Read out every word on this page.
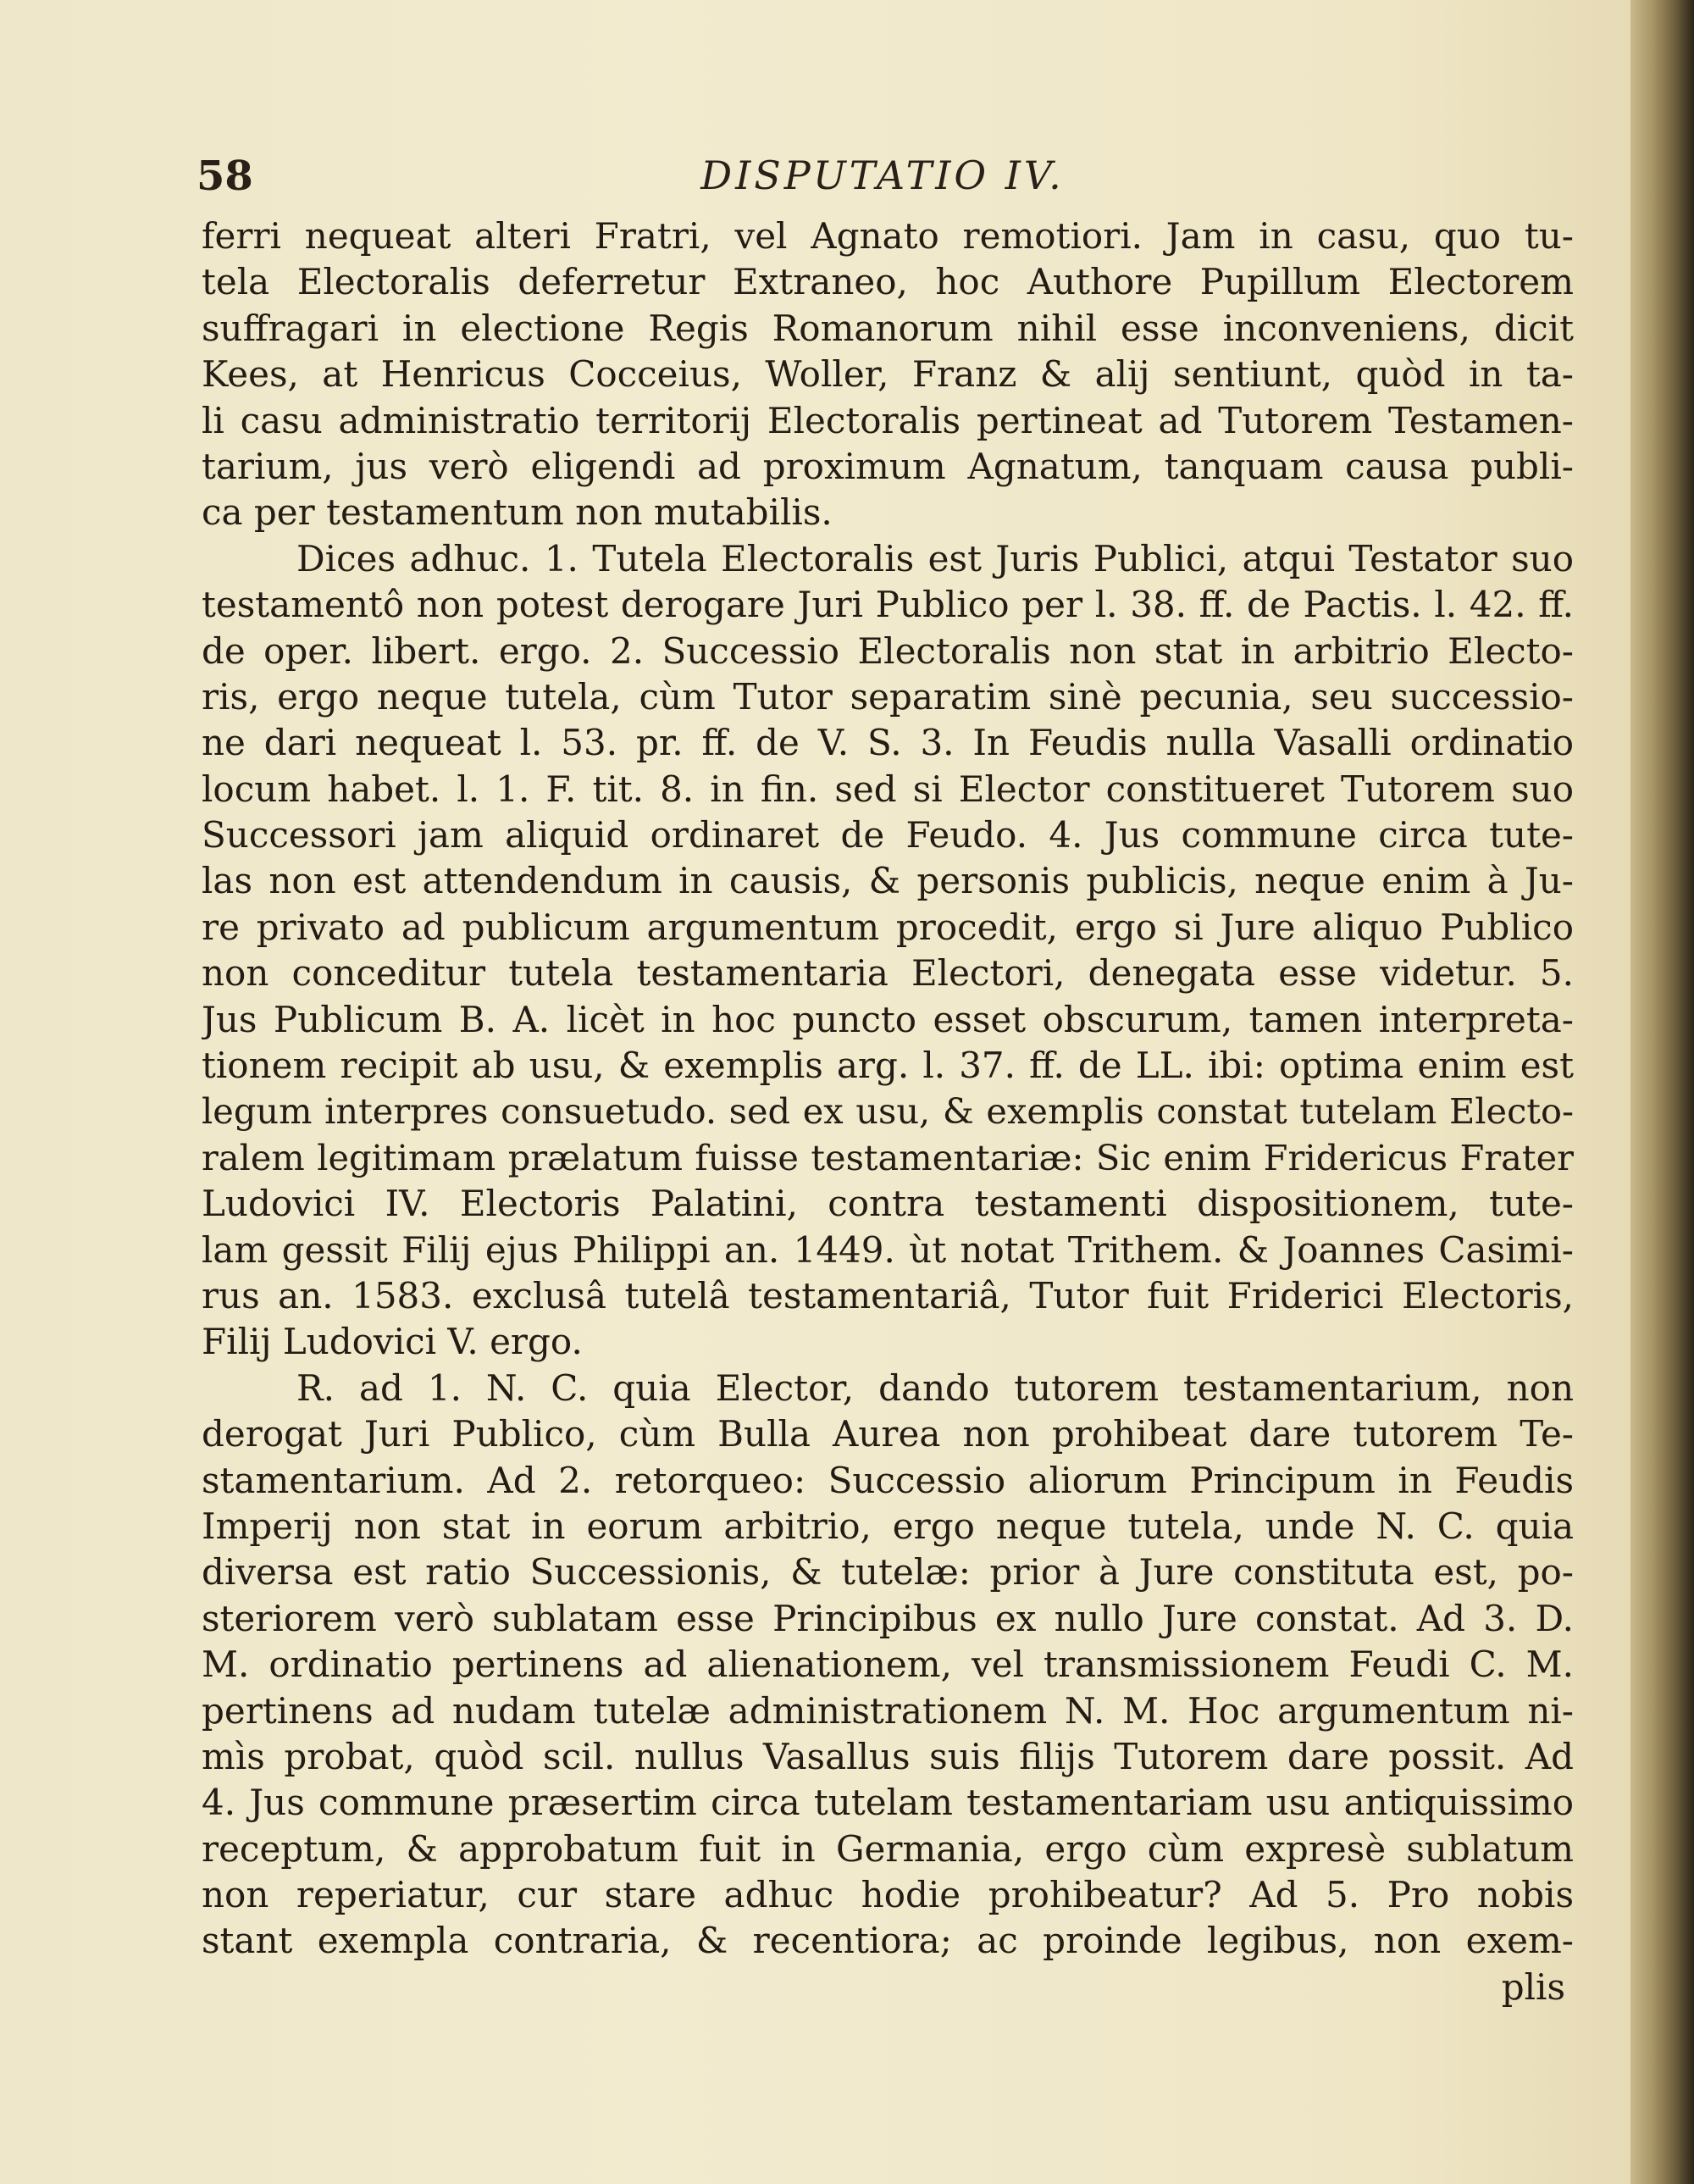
58	DISPUTATIO IV.
ferri nequeat alteri Fratri, vel Agnato remotiori. Jam in casu, quo tu-
tela Electoralis deferretur Extraneo, hoc Authore Pupillum Electorem
suffragari in electione Regis Romanorum nihil esse inconveniens, dicit
Kees, at Henricus Cocceius, Woller, Franz & alij sentiunt, quòd in ta-
li casu administratio territorij Electoralis pertineat ad Tutorem Testamen-
tarium, jus verò eligendi ad proximum Agnatum, tanquam causa publi-
ca per testamentum non mutabilis.
Dices adhuc. 1. Tutela Electoralis est Juris Publici, atqui Testator suo
testamentô non potest derogare Juri Publico per l. 38. ff. de Pactis. l. 42. ff.
de oper. libert. ergo. 2. Successio Electoralis non stat in arbitrio Electo-
ris, ergo neque tutela, cùm Tutor separatim sinè pecunia, seu successio-
ne dari nequeat l. 53. pr. ff. de V. S. 3. In Feudis nulla Vasalli ordinatio
locum habet. l. 1. F. tit. 8. in fin. sed si Elector constitueret Tutorem suo
Successori jam aliquid ordinaret de Feudo. 4. Jus commune circa tute-
las non est attendendum in causis, & personis publicis, neque enim à Ju-
re privato ad publicum argumentum procedit, ergo si Jure aliquo Publico
non conceditur tutela testamentaria Electori, denegata esse videtur. 5.
Jus Publicum B. A. licèt in hoc puncto esset obscurum, tamen interpreta-
tionem recipit ab usu, & exemplis arg. l. 37. ff. de LL. ibi: optima enim est
legum interpres consuetudo. sed ex usu, & exemplis constat tutelam Electo-
ralem legitimam prælatum fuisse testamentariæ: Sic enim Fridericus Frater
Ludovici IV. Electoris Palatini, contra testamenti dispositionem, tute-
lam gessit Filij ejus Philippi an. 1449. ùt notat Trithem. & Joannes Casimi-
rus an. 1583. exclusâ tutelâ testamentariâ, Tutor fuit Friderici Electoris,
Filij Ludovici V. ergo.
R. ad 1. N. C. quia Elector, dando tutorem testamentarium, non
derogat Juri Publico, cùm Bulla Aurea non prohibeat dare tutorem Te-
stamentarium. Ad 2. retorqueo: Successio aliorum Principum in Feudis
Imperij non stat in eorum arbitrio, ergo neque tutela, unde N. C. quia
diversa est ratio Successionis, & tutelæ: prior à Jure constituta est, po-
steriorem verò sublatam esse Principibus ex nullo Jure constat. Ad 3. D.
M. ordinatio pertinens ad alienationem, vel transmissionem Feudi C. M.
pertinens ad nudam tutelæ administrationem N. M. Hoc argumentum ni-
mìs probat, quòd scil. nullus Vasallus suis filijs Tutorem dare possit. Ad
4. Jus commune præsertim circa tutelam testamentariam usu antiquissimo
receptum, & approbatum fuit in Germania, ergo cùm expresè sublatum
non reperiatur, cur stare adhuc hodie prohibeatur? Ad 5. Pro nobis
stant exempla contraria, & recentiora; ac proinde legibus, non exem-
plis
